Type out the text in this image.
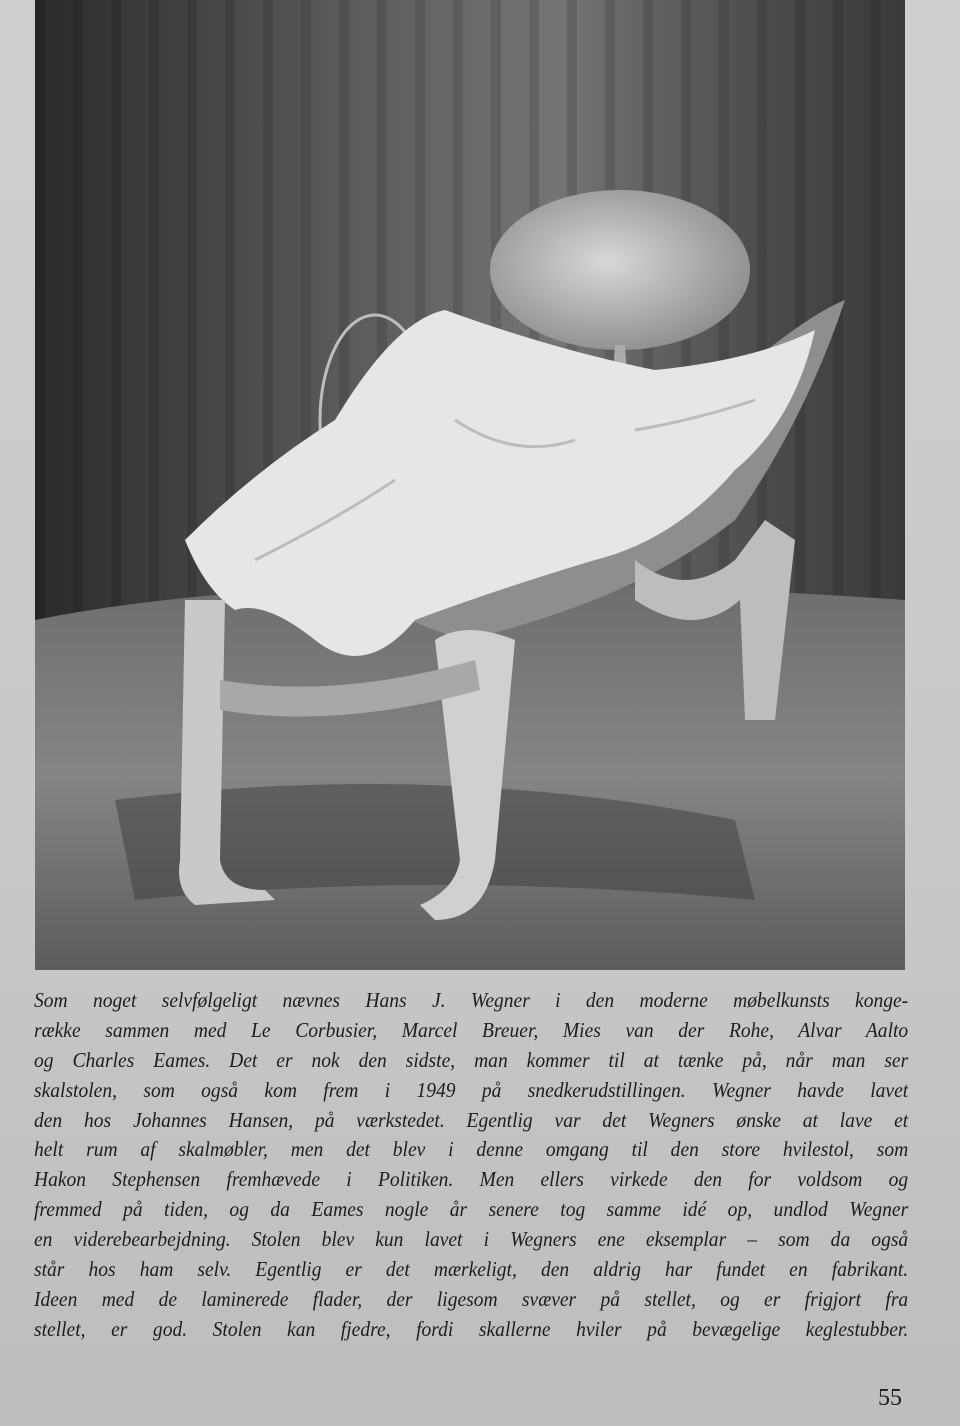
Som noget selvfølgeligt nævnes Hans J. Wegner i den moderne møbelkunsts konge-
række sammen med Le Corbusier, Marcel Breuer, Mies van der Rohe, Alvar Aalto
og Charles Eames. Det er nok den sidste, man kommer til at tænke på, når man ser
skalstolen, som også kom frem i 1949 på snedkerudstillingen. Wegner havde lavet
den hos Johannes Hansen, på værkstedet. Egentlig var det Wegners ønske at lave et
helt rum af skalmøbler, men det blev i denne omgang til den store hvilestol, som
Hakon Stephensen fremhævede i Politiken. Men ellers virkede den for voldsom og
fremmed på tiden, og da Eames nogle år senere tog samme idé op, undlod Wegner
en viderebearbejdning. Stolen blev kun lavet i Wegners ene eksemplar – som da også
står hos ham selv. Egentlig er det mærkeligt, den aldrig har fundet en fabrikant.
Ideen med de laminerede flader, der ligesom svæver på stellet, og er frigjort fra
stellet, er god. Stolen kan fjedre, fordi skallerne hviler på bevægelige keglestubber.
55
